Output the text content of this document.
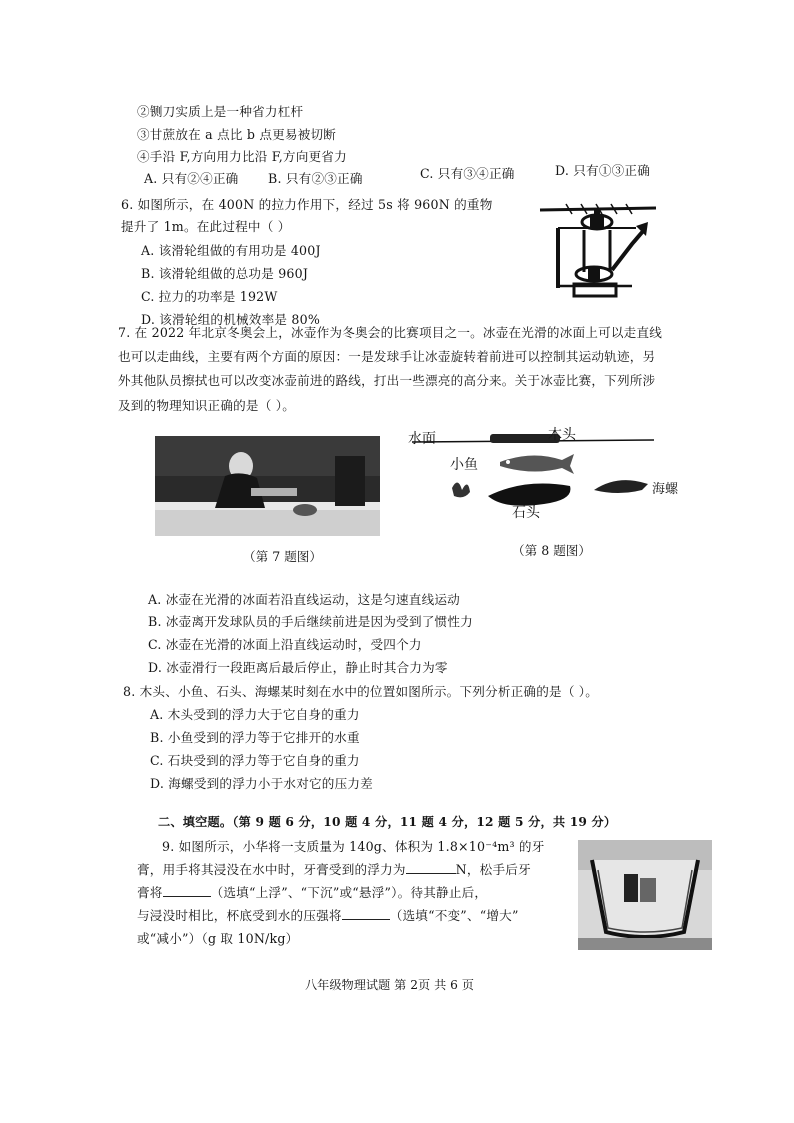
②铡刀实质上是一种省力杠杆
③甘蔗放在 a 点比 b 点更易被切断
④手沿 F,方向用力比沿 F,方向更省力
A. 只有②④正确 B. 只有②③正确	C. 只有③④正确	D. 只有①③正确
6. 如图所示，在 400N 的拉力作用下，经过 5s 将 960N 的重物
提升了 1m。在此过程中（ ）
A. 该滑轮组做的有用功是 400J
B. 该滑轮组做的总功是 960J
C. 拉力的功率是 192W
D. 该滑轮组的机械效率是 80%
7. 在 2022 年北京冬奥会上，冰壶作为冬奥会的比赛项目之一。冰壶在光滑的冰面上可以走直线
也可以走曲线，主要有两个方面的原因：一是发球手让冰壶旋转着前进可以控制其运动轨迹，另
外其他队员擦拭也可以改变冰壶前进的路线，打出一些漂亮的高分来。关于冰壶比赛，下列所涉
及到的物理知识正确的是（ ）。
（第 7 题图）
水面	木头
小鱼
石头
海螺
（第 8 题图）
A. 冰壶在光滑的冰面若沿直线运动，这是匀速直线运动
B. 冰壶离开发球队员的手后继续前进是因为受到了惯性力
C. 冰壶在光滑的冰面上沿直线运动时，受四个力
D. 冰壶滑行一段距离后最后停止，静止时其合力为零
8. 木头、小鱼、石头、海螺某时刻在水中的位置如图所示。下列分析正确的是（ ）。
A. 木头受到的浮力大于它自身的重力
B. 小鱼受到的浮力等于它排开的水重
C. 石块受到的浮力等于它自身的重力
D. 海螺受到的浮力小于水对它的压力差
二、填空题。（第 9 题 6 分，10 题 4 分，11 题 4 分，12 题 5 分，共 19 分）
9. 如图所示，小华将一支质量为 140g、体积为 1.8×10⁻⁴m³ 的牙
膏，用手将其浸没在水中时，牙膏受到的浮力为	N，松手后牙
膏将	（选填“上浮”、“下沉”或“悬浮”）。待其静止后，
与浸没时相比，杯底受到水的压强将	（选填“不变”、“增大”
或“减小”）（g 取 10N/kg）
八年级物理试题 第 2页 共 6 页
